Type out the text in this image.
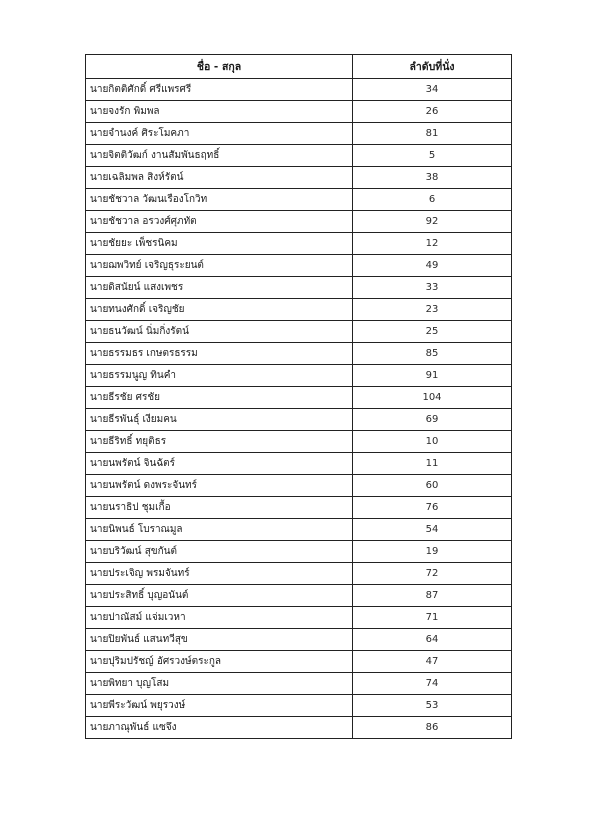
ชื่อ - สกุล	ลำดับที่นั่ง
นายกิตติศักดิ์ ศรีแพรศรี	34
นายจงรัก พิมพล	26
นายจำนงค์ ศิระโมคภา	81
นายจิตติวัฒก์ งานสัมพันธฤทธิ์	5
นายเฉลิมพล สิงห์รัตน์	38
นายชัชวาล วัฒนเรืองโกวิท	6
นายชัชวาล อรวงศ์ศุภทัต	92
นายชัยยะ เพ็ชรนิคม	12
นายฌพวิทย์ เจริญธุระยนต์	49
นายดิสนัยน์ แสงเพชร	33
นายทนงศักดิ์ เจริญชัย	23
นายธนวัฒน์ นิ่มกิ่งรัตน์	25
นายธรรมธร เกษตรธรรม	85
นายธรรมนูญ ทินคำ	91
นายธีรชัย ศรชัย	104
นายธีรพันธุ์ เงียมคน	69
นายธีริทธิ์ ทยุติธร	10
นายนพรัตน์ จินฉัตร์	11
นายนพรัตน์ ดงพระจันทร์	60
นายนราธิป ชุมเกื้อ	76
นายนิพนธ์ โบราณมูล	54
นายบริวัฒน์ สุขกันต์	19
นายประเจิญ พรมจันทร์	72
นายประสิทธิ์ บุญอนันต์	87
นายปาณัสม์ แจ่มเวหา	71
นายปิยพันธ์ แสนทวีสุข	64
นายปุริมปรัชญ์ อัศรวงษ์ตระกูล	47
นายพิทยา บุญโสม	74
นายพีระวัฒน์ พยุรวงษ์	53
นายภาณุพันธ์ แซจึง	86
